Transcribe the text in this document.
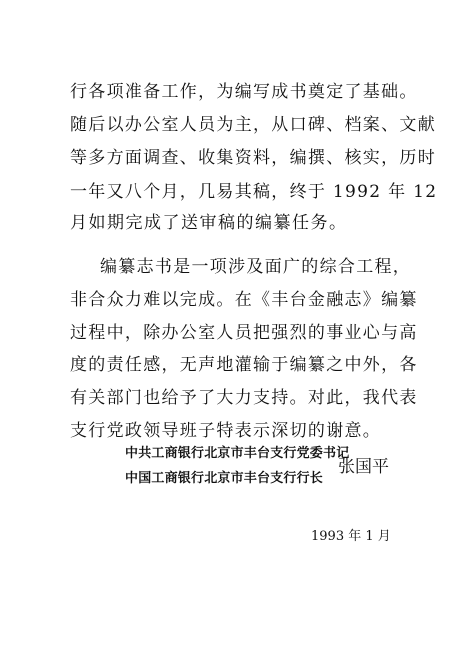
行各项准备工作，为编写成书奠定了基础。
随后以办公室人员为主，从口碑、档案、文献
等多方面调查、收集资料，编撰、核实，历时
一年又八个月，几易其稿，终于 1992 年 12
月如期完成了送审稿的编纂任务。
编纂志书是一项涉及面广的综合工程，
非合众力难以完成。在《丰台金融志》编纂
过程中，除办公室人员把强烈的事业心与高
度的责任感，无声地灌输于编纂之中外，各
有关部门也给予了大力支持。对此，我代表
支行党政领导班子特表示深切的谢意。
中共工商银行北京市丰台支行党委书记
中国工商银行北京市丰台支行行长
张国平
1993 年 1 月
